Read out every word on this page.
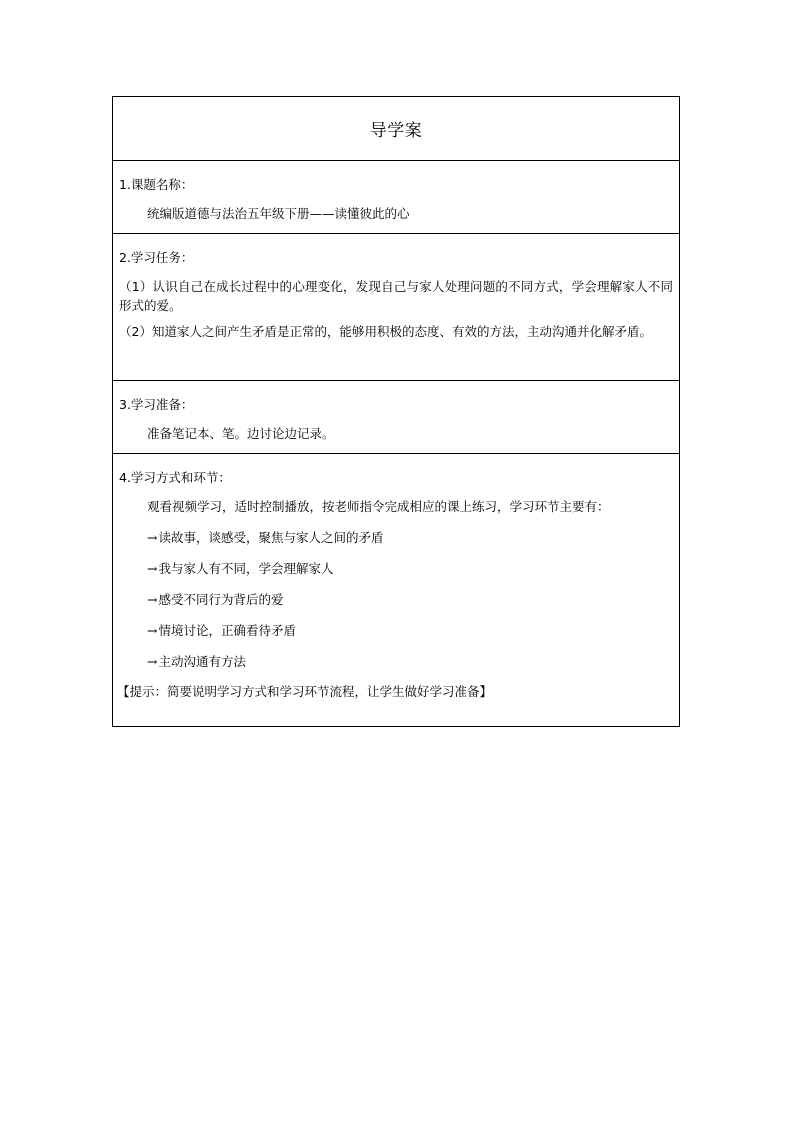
导学案

1.课题名称：

统编版道德与法治五年级下册——读懂彼此的心

2.学习任务：

（1）认识自己在成长过程中的心理变化，发现自己与家人处理问题的不同方式，学会理解家人不同形式的爱。

（2）知道家人之间产生矛盾是正常的，能够用积极的态度、有效的方法，主动沟通并化解矛盾。

3.学习准备：

准备笔记本、笔。边讨论边记录。

4.学习方式和环节：

观看视频学习，适时控制播放，按老师指令完成相应的课上练习，学习环节主要有：

→读故事，谈感受，聚焦与家人之间的矛盾
→我与家人有不同，学会理解家人
→感受不同行为背后的爱
→情境讨论，正确看待矛盾
→主动沟通有方法

【提示：简要说明学习方式和学习环节流程，让学生做好学习准备】
